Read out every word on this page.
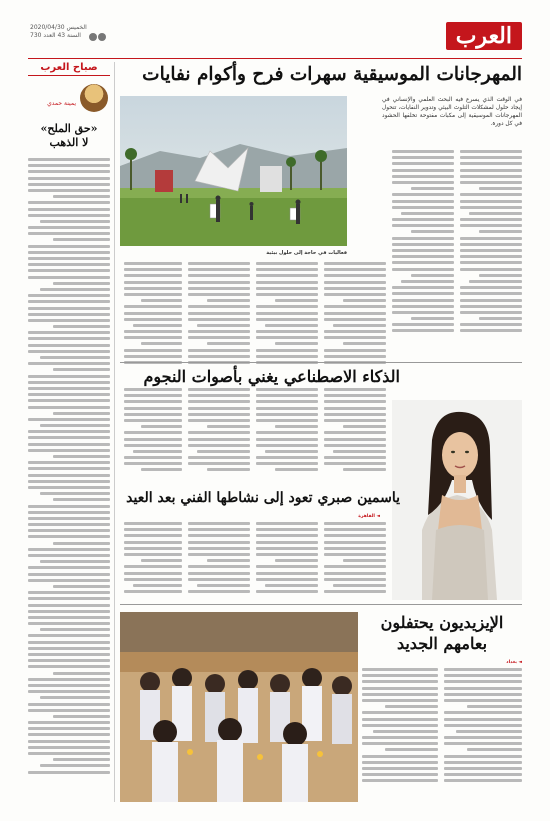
العرب
الخميس 2020/04/30
السنة 43 العدد 730
صباح العرب
يمينة حمدي
«حق الملح»
لا الذهب
المهرجانات الموسيقية سهرات فرح وأكوام نفايات
في الوقت الذي يسرع فيه البحث العلمي والإنساني في إيجاد حلول لمشكلات التلوث البيئي وتدوير النفايات، تتحول المهرجانات الموسيقية إلى مكبات مفتوحة تخلفها الحشود في كل دورة.
فعاليات في حاجة إلى حلول بيئية
الذكاء الاصطناعي يغني بأصوات النجوم
ياسمين صبري تعود إلى نشاطها الفني بعد العيد
◄ القاهرة
الإيزيديون يحتفلون
بعامهم الجديد
◄ بغداد
